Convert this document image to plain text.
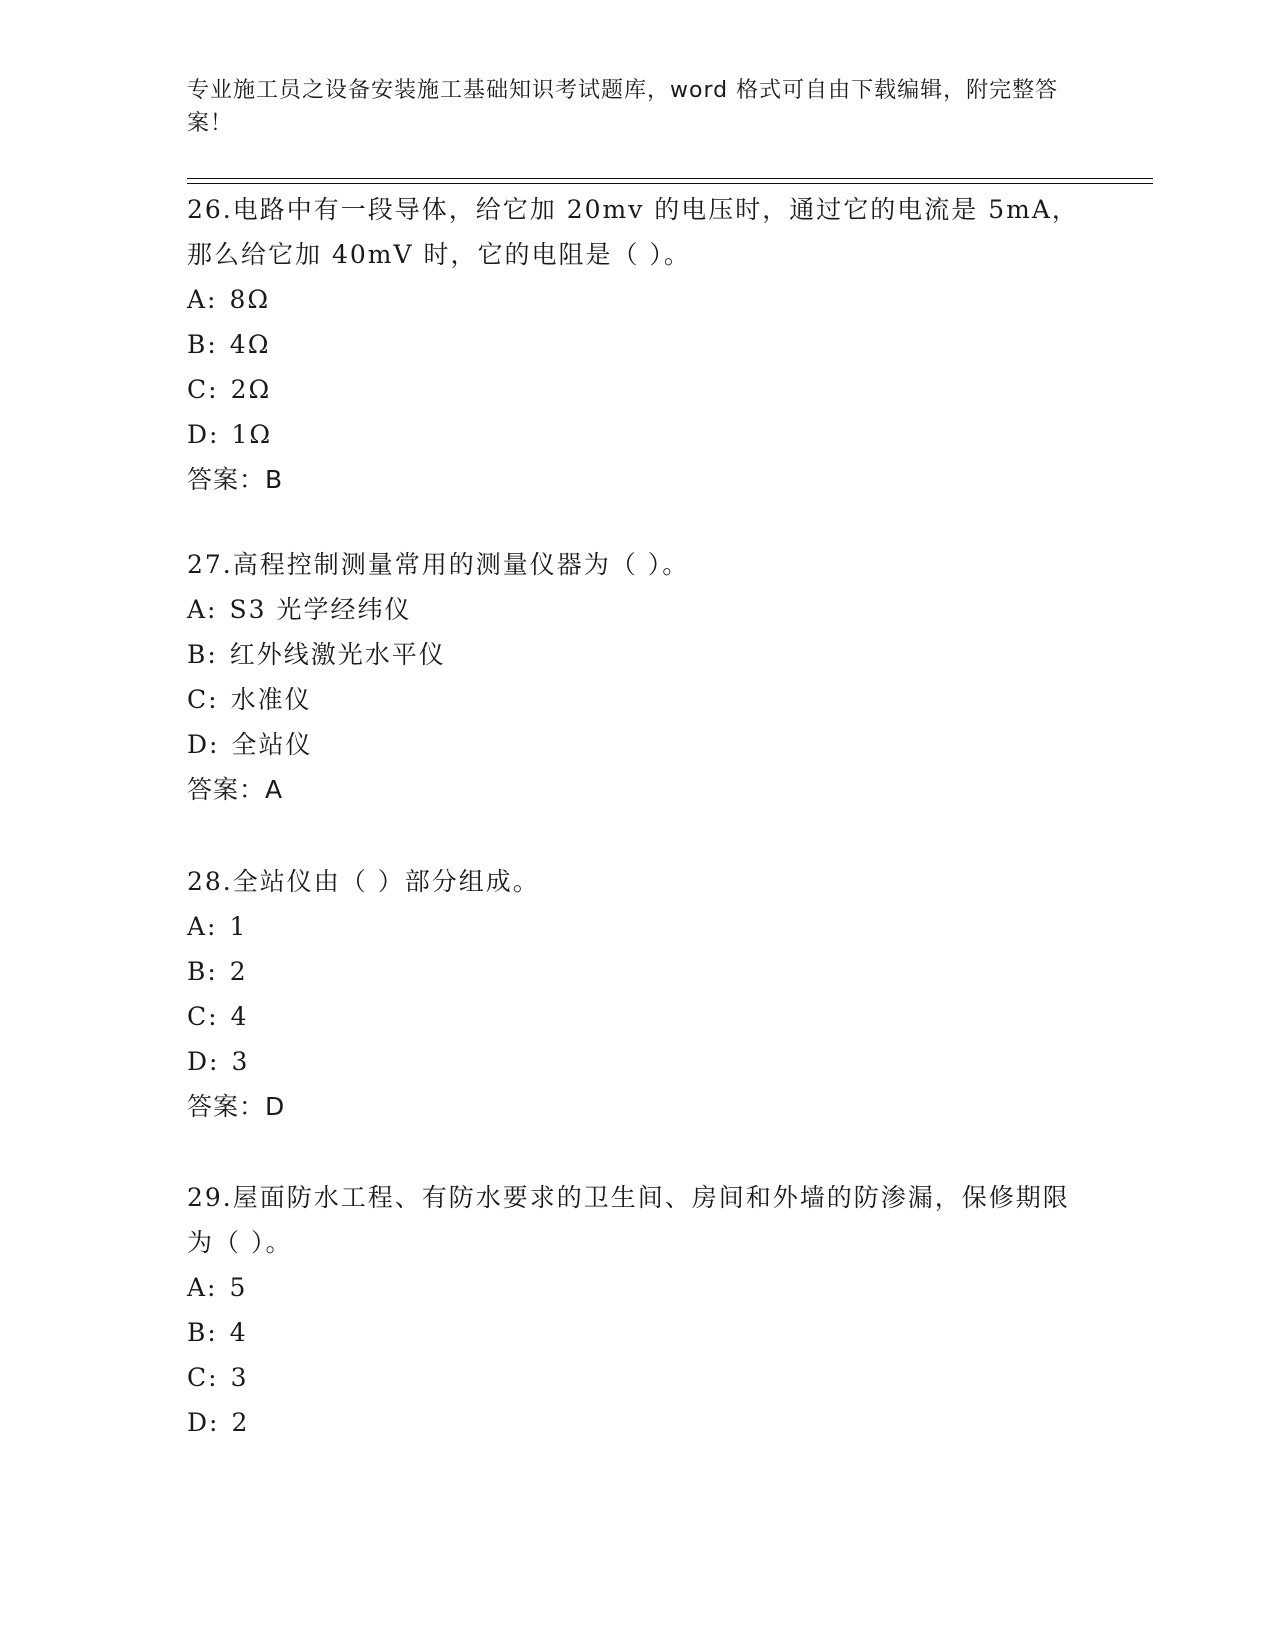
专业施工员之设备安装施工基础知识考试题库，word 格式可自由下载编辑，附完整答案！

26.电路中有一段导体，给它加 20mv 的电压时，通过它的电流是 5mA，那么给它加 40mV 时，它的电阻是（ ）。

A: 8Ω

B: 4Ω

C: 2Ω

D: 1Ω

答案：B

27.高程控制测量常用的测量仪器为（ ）。

A: S3 光学经纬仪

B: 红外线激光水平仪

C: 水准仪

D: 全站仪

答案：A

28.全站仪由（ ）部分组成。

A: 1

B: 2

C: 4

D: 3

答案：D

29.屋面防水工程、有防水要求的卫生间、房间和外墙的防渗漏，保修期限为（ ）。

A: 5

B: 4

C: 3

D: 2
